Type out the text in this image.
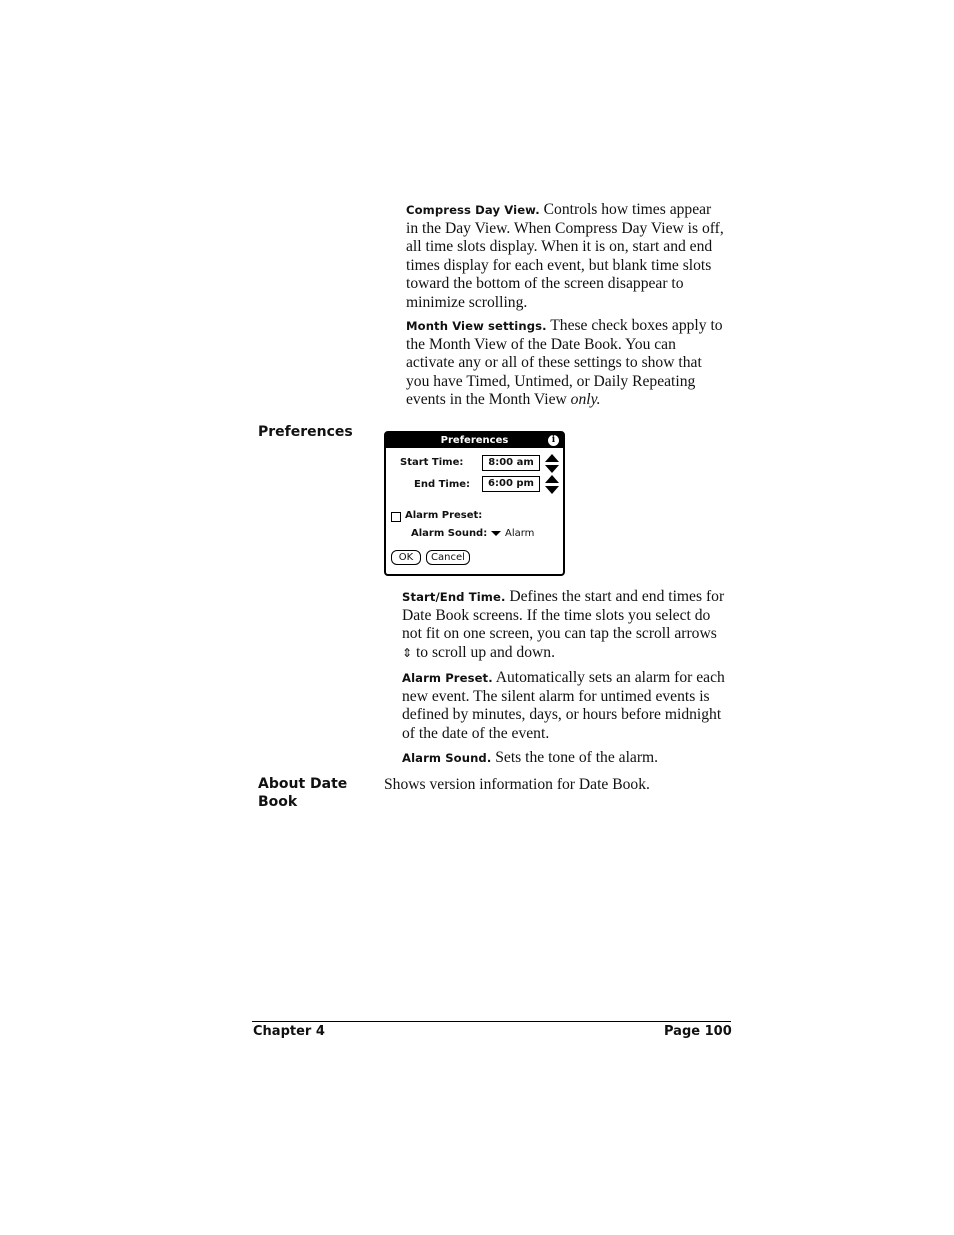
Compress Day View. Controls how times appear in the Day View. When Compress Day View is off, all time slots display. When it is on, start and end times display for each event, but blank time slots toward the bottom of the screen disappear to minimize scrolling.
Month View settings. These check boxes apply to the Month View of the Date Book. You can activate any or all of these settings to show that you have Timed, Untimed, or Daily Repeating events in the Month View only.
Preferences
Preferences	i
Start Time:	8:00 am
End Time:	6:00 pm
Alarm Preset:
Alarm Sound:	Alarm
OK	Cancel
Start/End Time. Defines the start and end times for Date Book screens. If the time slots you select do not fit on one screen, you can tap the scroll arrows ⇕ to scroll up and down.
Alarm Preset. Automatically sets an alarm for each new event. The silent alarm for untimed events is defined by minutes, days, or hours before midnight of the date of the event.
Alarm Sound. Sets the tone of the alarm.
About Date Book
Shows version information for Date Book.
Chapter 4	Page 100
